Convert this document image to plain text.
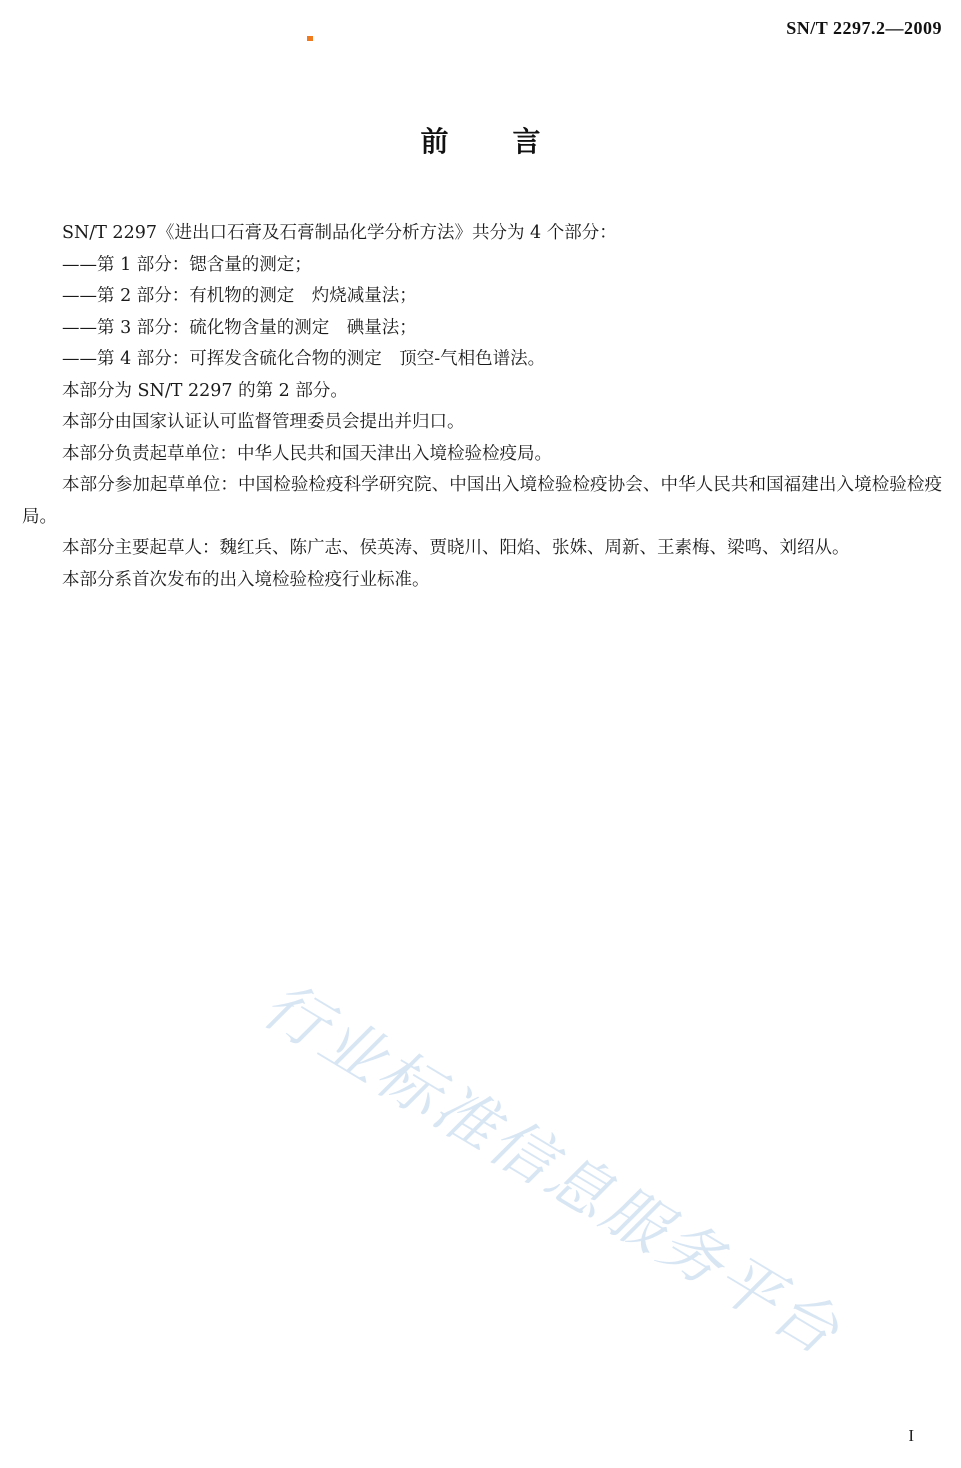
SN/T 2297.2—2009
前言

SN/T 2297《进出口石膏及石膏制品化学分析方法》共分为 4 个部分：

——第 1 部分：锶含量的测定；

——第 2 部分：有机物的测定　灼烧减量法；

——第 3 部分：硫化物含量的测定　碘量法；

——第 4 部分：可挥发含硫化合物的测定　顶空-气相色谱法。

本部分为 SN/T 2297 的第 2 部分。

本部分由国家认证认可监督管理委员会提出并归口。

本部分负责起草单位：中华人民共和国天津出入境检验检疫局。

本部分参加起草单位：中国检验检疫科学研究院、中国出入境检验检疫协会、中华人民共和国福建出入境检验检疫局。

本部分主要起草人：魏红兵、陈广志、侯英涛、贾晓川、阳焰、张姝、周新、王素梅、梁鸣、刘绍从。

本部分系首次发布的出入境检验检疫行业标准。

行业标准信息服务平台
I
